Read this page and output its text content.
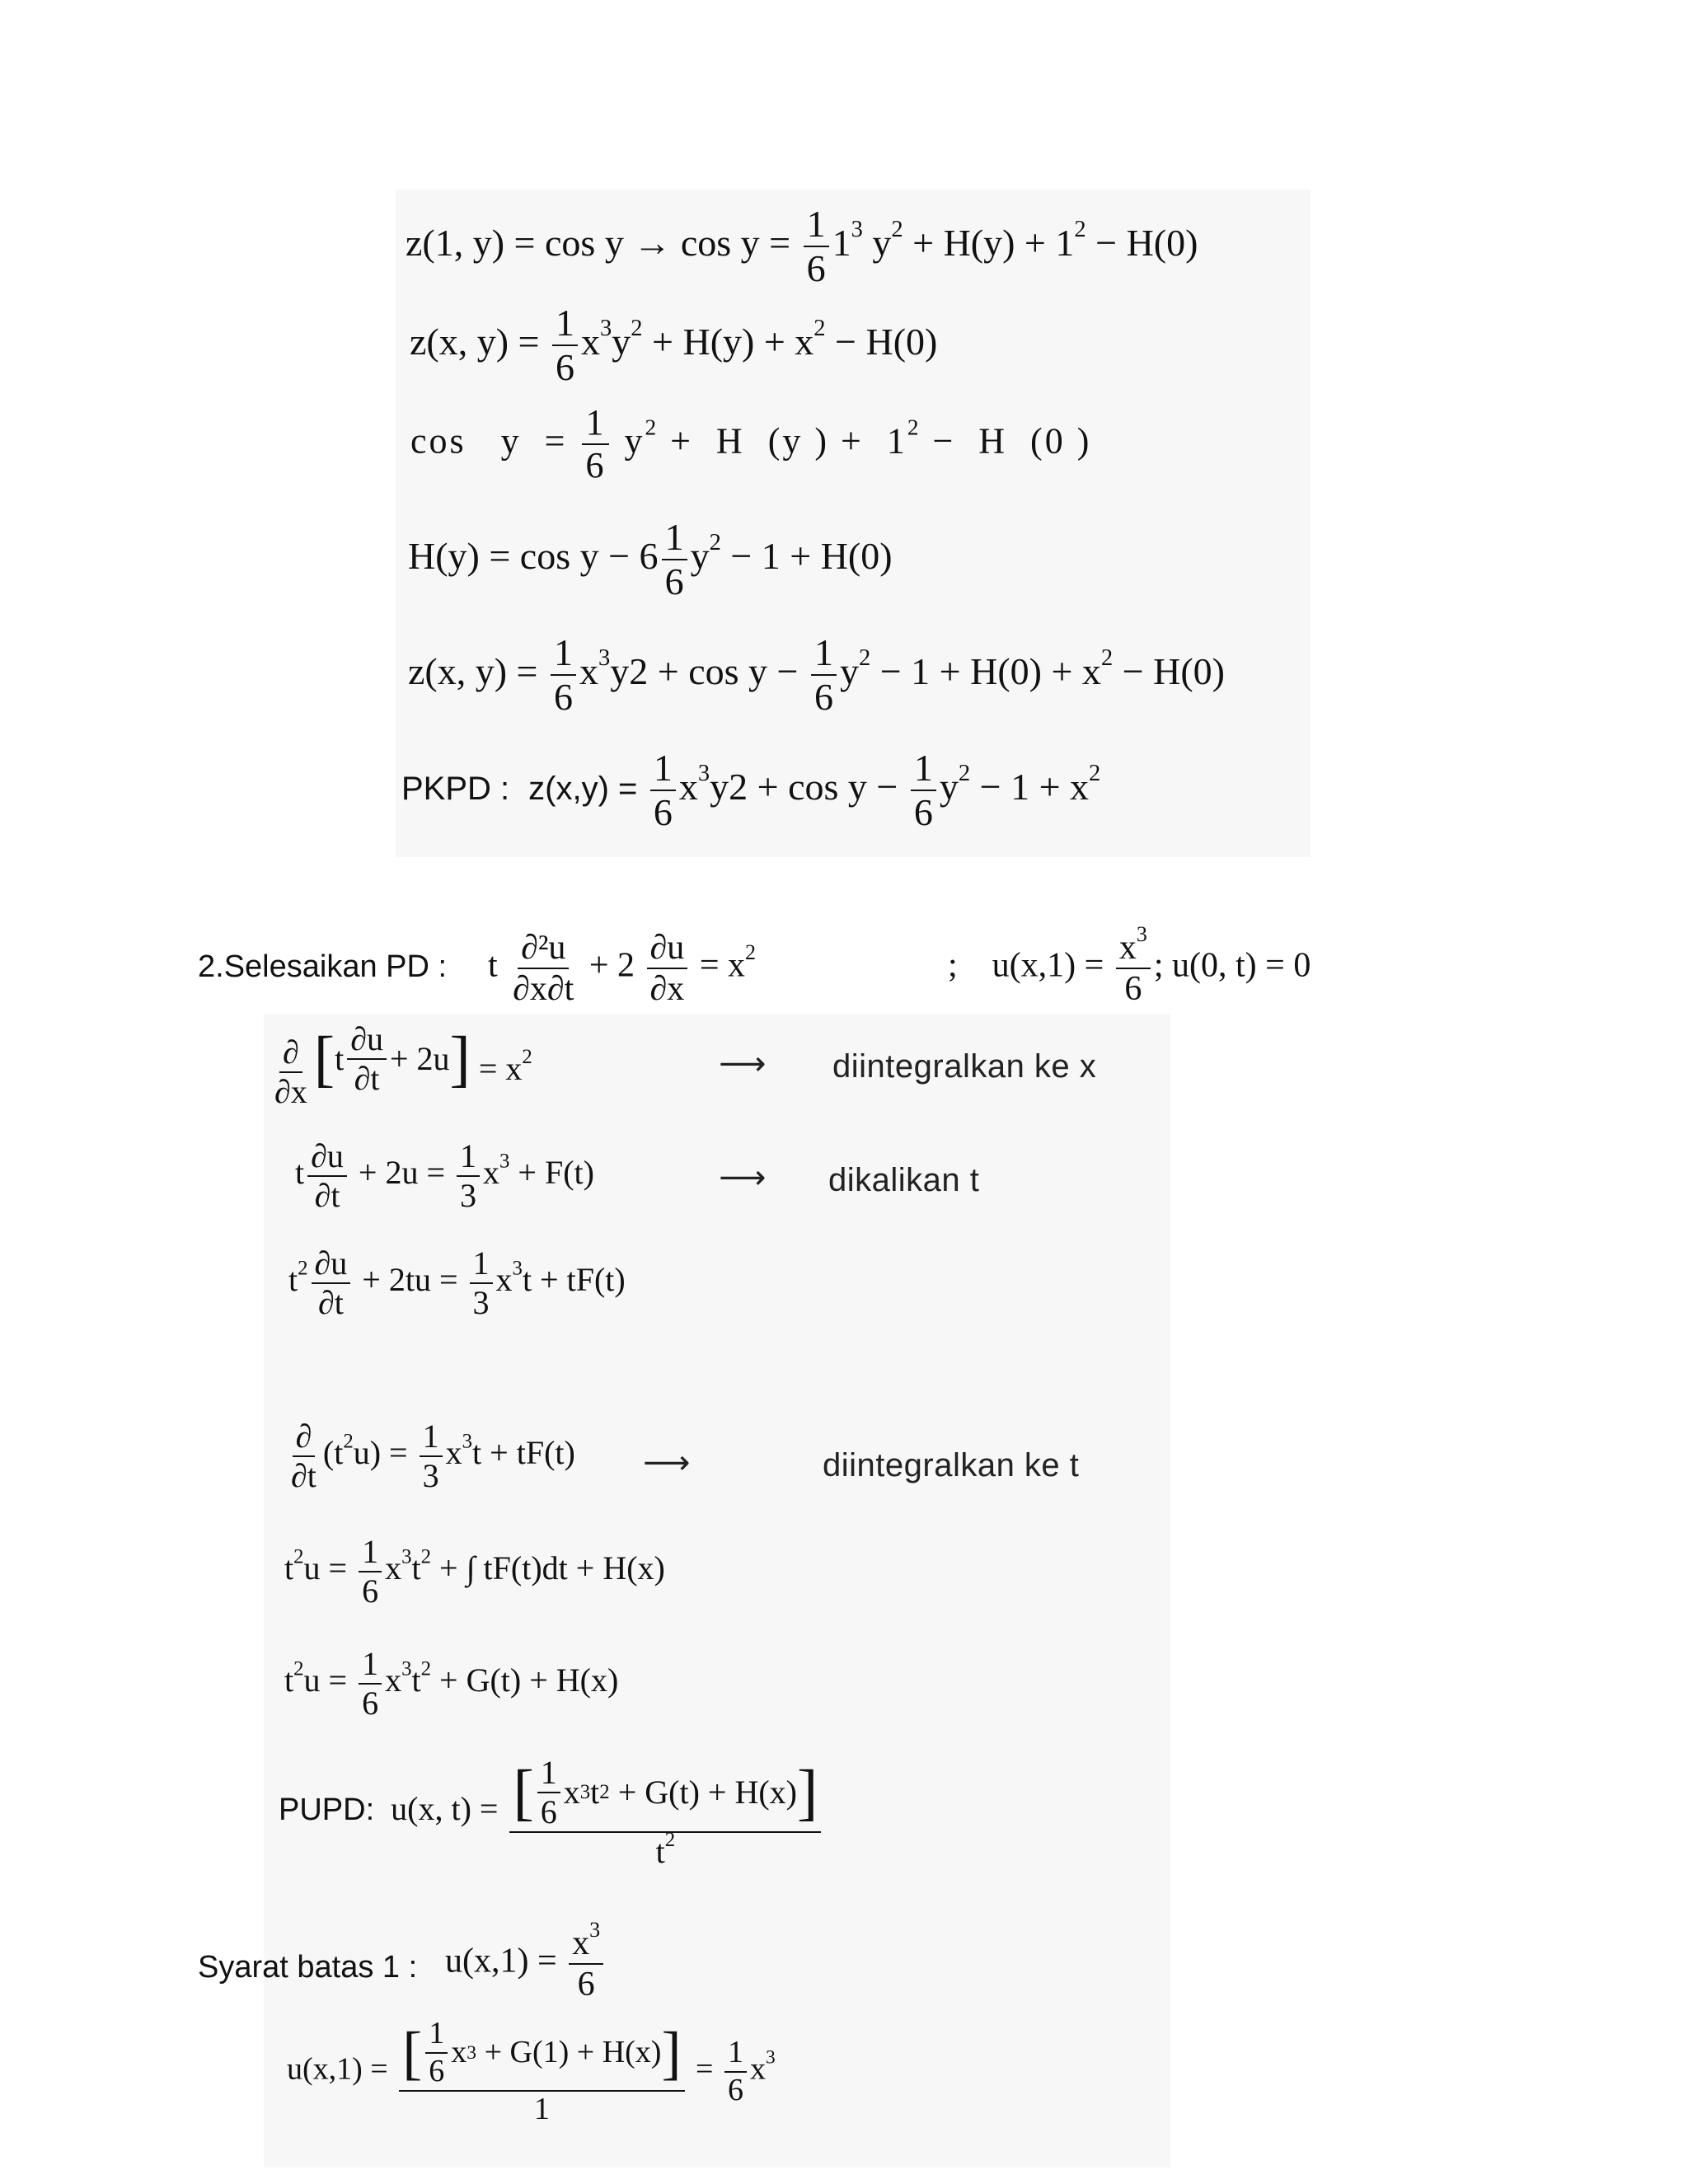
z(1, $y) = \cos y \to \cos y = \frac{1}{6} 1^3$ $y^2 + H(y) + 1^2 - H(0)$
z(x, $y) = \frac{1}{6} x^3y^2 + H(y) + x^2 - H(0)$
$\cos y = \frac{1}{6} y^2 + H$  (y ) +  $1^2 - H$  (0 )
$H(y) = \cos y - 6 \frac{1}{6} y^2 - 1 + H(0)$
z(x, $y) = \frac{1}{6} x^3y2 + \cos y - \frac{1}{6} y^2 - 1 + H(0) + x^2 - H(0)$
PKPD : $z(x,y) = \frac{1}{6} x^3y2 + \cos y - \frac{1}{6} y^2 - 1 + x^2$
2.Selesaikan PD : t $\frac{\text{∂²u}}{\partial x\partial t} + 2 \frac{\partial u}{\partial x} = x^2$	; $u(x,1) = \frac{x^3}{6}$ ; u(0, t) = 0
$\frac{\partial}{\partial x}$ [ t $\frac{\partial u}{\partial t} + 2u$ ] = $x^2$	⟶ diintegralkan ke x
t $\frac{\partial u}{\partial t} + 2u = \frac{1}{3} x^3 + F(t)$	⟶ dikalikan t
$t^2 \frac{\partial u}{\partial t} + 2tu = \frac{1}{3} x^3t + tF(t)$
$\frac{\partial}{\partial t} (t^2u) = \frac{1}{3} x^3t + tF(t)$ ⟶	diintegralkan ke t
$t^2u = \frac{1}{6} x^3t^2$ + ∫ tF(t)dt + H(x)
$t^2u = \frac{1}{6} x^3t^2 + G(t) + H(x)$
PUPD: u(x, t) = [ $\frac{1}{6}$ x 3 t 2
+ G(t) + H(x) ]
$t^2$
Syarat batas 1 : $u(x,1) = \frac{x^3}{6}$
u(x,1) = [ $\frac{1}{6}$ x 3
+ G(1) + H(x) ]
$1 = \frac{1}{6} x^3$
